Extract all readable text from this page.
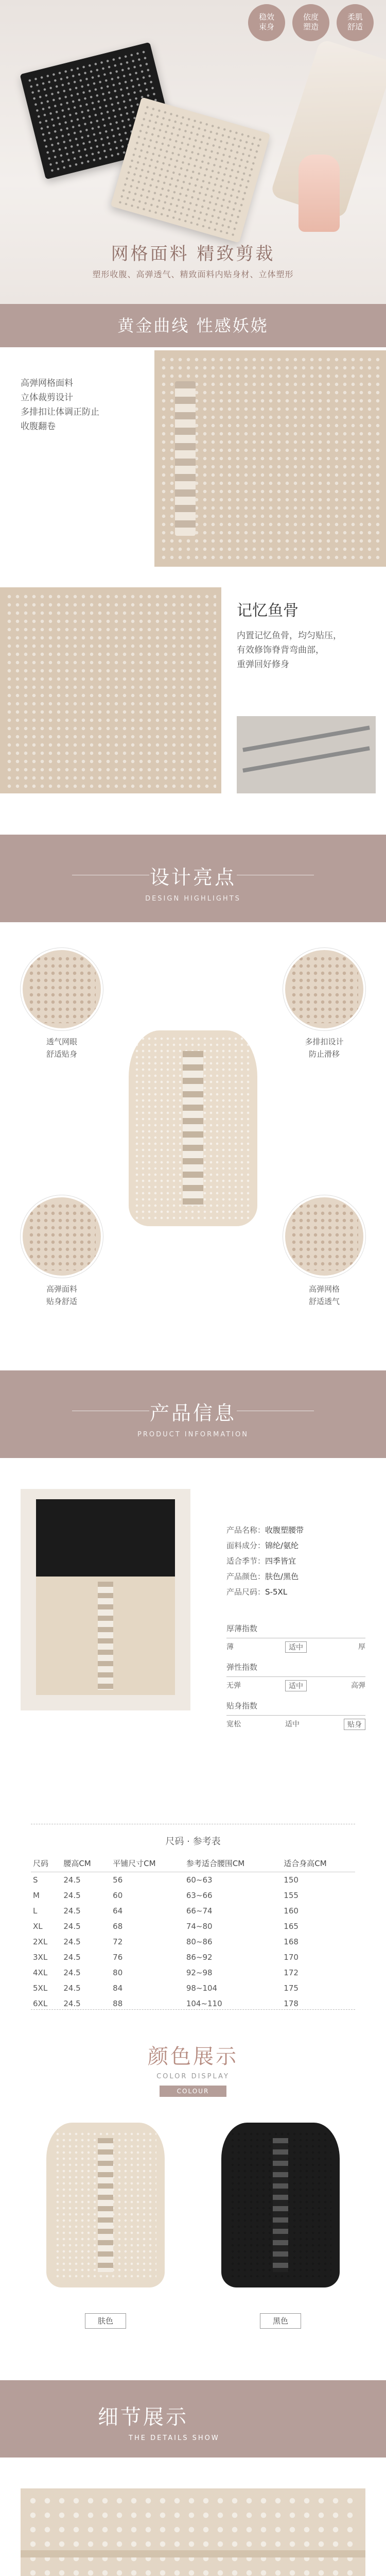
稳效
束身
依度
塑造
柔肌
舒适
网格面料 精致剪裁
塑形收腹、高弹透气、精致面料内贴身材、立体塑形
黄金曲线 性感妖娆
高弹网格面料
立体裁剪设计
多排扣让体调正防止
收腹翻卷
记忆鱼骨
内置记忆鱼骨，均匀贴压，
有效修饰脊背弯曲部，
重弹回好修身
设计亮点
DESIGN HIGHLIGHTS
透气网眼
舒适贴身
多排扣设计
防止滑移
高弹面料
贴身舒适
高弹网格
舒适透气
产品信息
PRODUCT INFORMATION
产品名称：收腹塑腰带
面料成分：锦纶/氨纶
适合季节：四季皆宜
产品颜色：肤色/黑色
产品尺码：S-5XL
厚薄指数
薄	适中	厚
弹性指数
无弹	适中	高弹
贴身指数
宽松	适中	贴身
尺码 · 参考表
尺码	腰高CM	平铺尺寸CM	参考适合腰围CM	适合身高CM
S	24.5	56	60~63	150
M	24.5	60	63~66	155
L	24.5	64	66~74	160
XL	24.5	68	74~80	165
2XL	24.5	72	80~86	168
3XL	24.5	76	86~92	170
4XL	24.5	80	92~98	172
5XL	24.5	84	98~104	175
6XL	24.5	88	104~110	178
颜色展示
COLOR DISPLAY
COLOUR
肤色	黑色
细节展示
THE DETAILS SHOW
